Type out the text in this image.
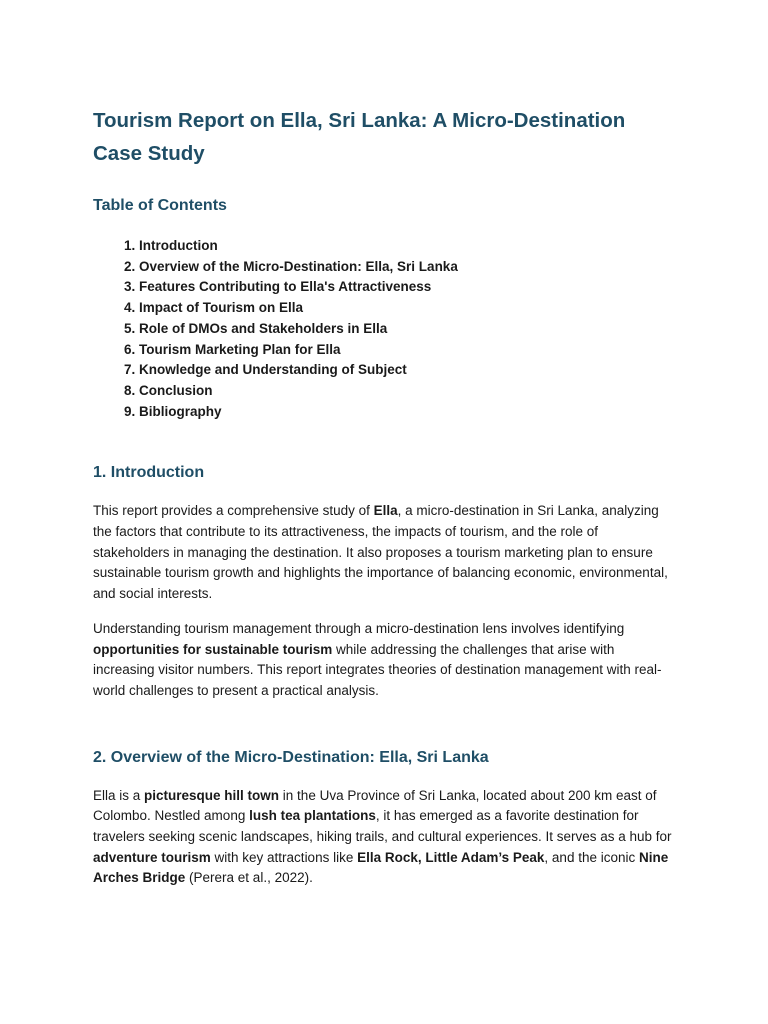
Tourism Report on Ella, Sri Lanka: A Micro-Destination Case Study
Table of Contents
1. Introduction
2. Overview of the Micro-Destination: Ella, Sri Lanka
3. Features Contributing to Ella's Attractiveness
4. Impact of Tourism on Ella
5. Role of DMOs and Stakeholders in Ella
6. Tourism Marketing Plan for Ella
7. Knowledge and Understanding of Subject
8. Conclusion
9. Bibliography
1. Introduction

This report provides a comprehensive study of Ella, a micro-destination in Sri Lanka, analyzing the factors that contribute to its attractiveness, the impacts of tourism, and the role of stakeholders in managing the destination. It also proposes a tourism marketing plan to ensure sustainable tourism growth and highlights the importance of balancing economic, environmental, and social interests.

Understanding tourism management through a micro-destination lens involves identifying opportunities for sustainable tourism while addressing the challenges that arise with increasing visitor numbers. This report integrates theories of destination management with real-world challenges to present a practical analysis.

2. Overview of the Micro-Destination: Ella, Sri Lanka

Ella is a picturesque hill town in the Uva Province of Sri Lanka, located about 200 km east of Colombo. Nestled among lush tea plantations, it has emerged as a favorite destination for travelers seeking scenic landscapes, hiking trails, and cultural experiences. It serves as a hub for adventure tourism with key attractions like Ella Rock, Little Adam’s Peak, and the iconic Nine Arches Bridge (Perera et al., 2022).
